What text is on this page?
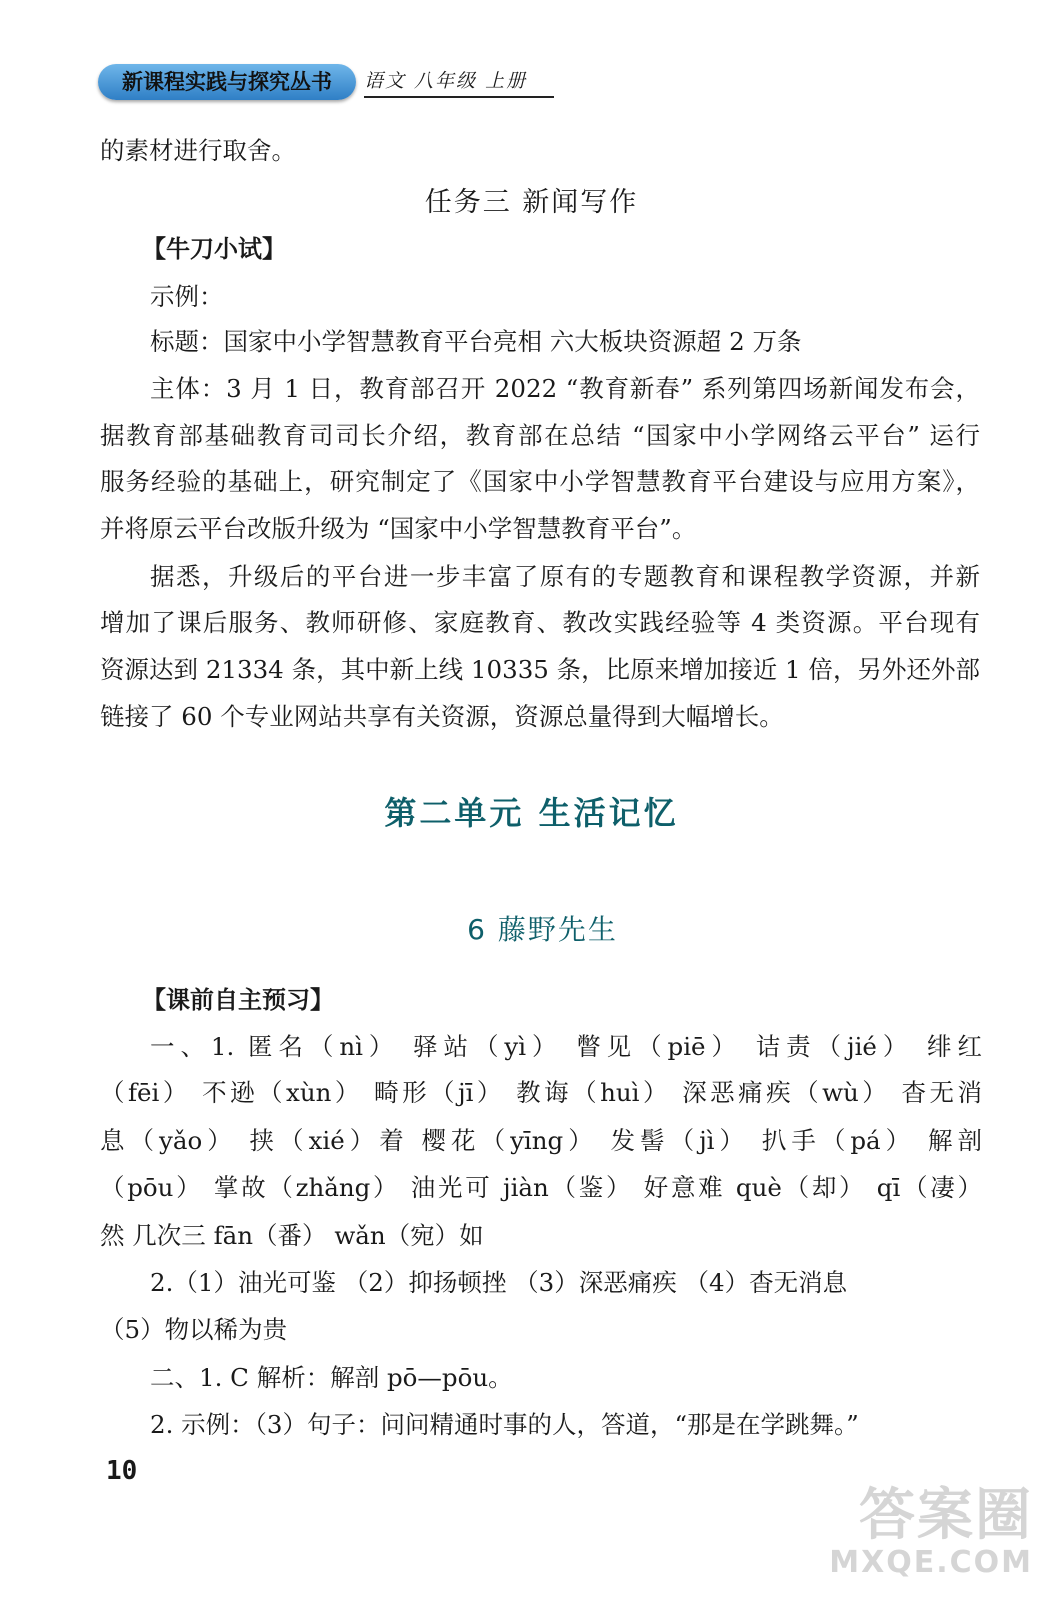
新课程实践与探究丛书	语文 八年级 上册
的素材进行取舍。
任务三 新闻写作
【牛刀小试】
示例：
标题：国家中小学智慧教育平台亮相 六大板块资源超 2 万条
主体：3 月 1 日，教育部召开 2022 “教育新春” 系列第四场新闻发布会，
据教育部基础教育司司长介绍，教育部在总结 “国家中小学网络云平台” 运行
服务经验的基础上，研究制定了《国家中小学智慧教育平台建设与应用方案》，
并将原云平台改版升级为 “国家中小学智慧教育平台”。
据悉，升级后的平台进一步丰富了原有的专题教育和课程教学资源，并新
增加了课后服务、教师研修、家庭教育、教改实践经验等 4 类资源。平台现有
资源达到 21334 条，其中新上线 10335 条，比原来增加接近 1 倍，另外还外部
链接了 60 个专业网站共享有关资源，资源总量得到大幅增长。
第二单元 生活记忆
6 藤野先生
【课前自主预习】
一、1. 匿名（nì） 驿站（yì） 瞥见（piē） 诘责（jié） 绯红
（fēi） 不逊（xùn） 畸形（jī） 教诲（huì） 深恶痛疾（wù） 杳无消
息（yǎo） 挟（xié）着 樱花（yīng） 发髻（jì） 扒手（pá） 解剖
（pōu） 掌故（zhǎng） 油光可 jiàn（鉴） 好意难 què（却） qī（凄）
然 几次三 fān（番） wǎn（宛）如
2.（1）油光可鉴 （2）抑扬顿挫 （3）深恶痛疾 （4）杳无消息
（5）物以稀为贵
二、1. C 解析：解剖 pō—pōu。
2. 示例：（3）句子：问问精通时事的人，答道，“那是在学跳舞。”
10
答案圈
MXQE.COM
